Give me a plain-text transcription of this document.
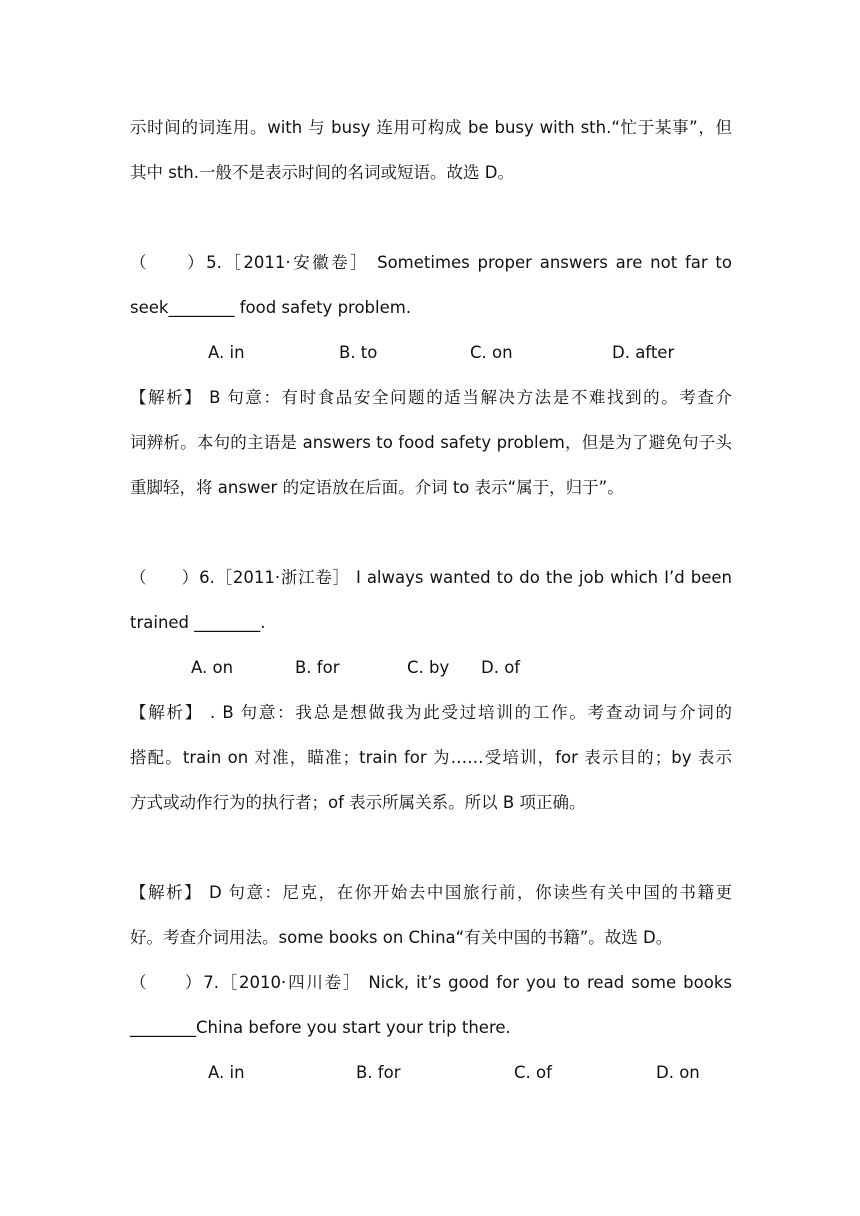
示时间的词连用。with 与 busy 连用可构成 be busy with sth.“忙于某事”，但
其中 sth.一般不是表示时间的名词或短语。故选 D。
（　　）5.［2011·安徽卷］ Sometimes proper answers are not far to
seek________ food safety problem.
A. in	B. to	C. on	D. after
【解析】 B 句意：有时食品安全问题的适当解决方法是不难找到的。考查介
词辨析。本句的主语是 answers to food safety problem，但是为了避免句子头
重脚轻，将 answer 的定语放在后面。介词 to 表示“属于，归于”。
（　　）6.［2011·浙江卷］ I always wanted to do the job which I’d been
trained ________.
A. on	B. for	C. by D. of
【解析】 . B 句意：我总是想做我为此受过培训的工作。考查动词与介词的
搭配。train on 对准，瞄准；train for 为……受培训，for 表示目的；by 表示
方式或动作行为的执行者；of 表示所属关系。所以 B 项正确。
【解析】 D 句意：尼克，在你开始去中国旅行前，你读些有关中国的书籍更
好。考查介词用法。some books on China“有关中国的书籍”。故选 D。
（　　）7.［2010·四川卷］ Nick, it’s good for you to read some books
________China before you start your trip there.
A. in	B. for	C. of	D. on
